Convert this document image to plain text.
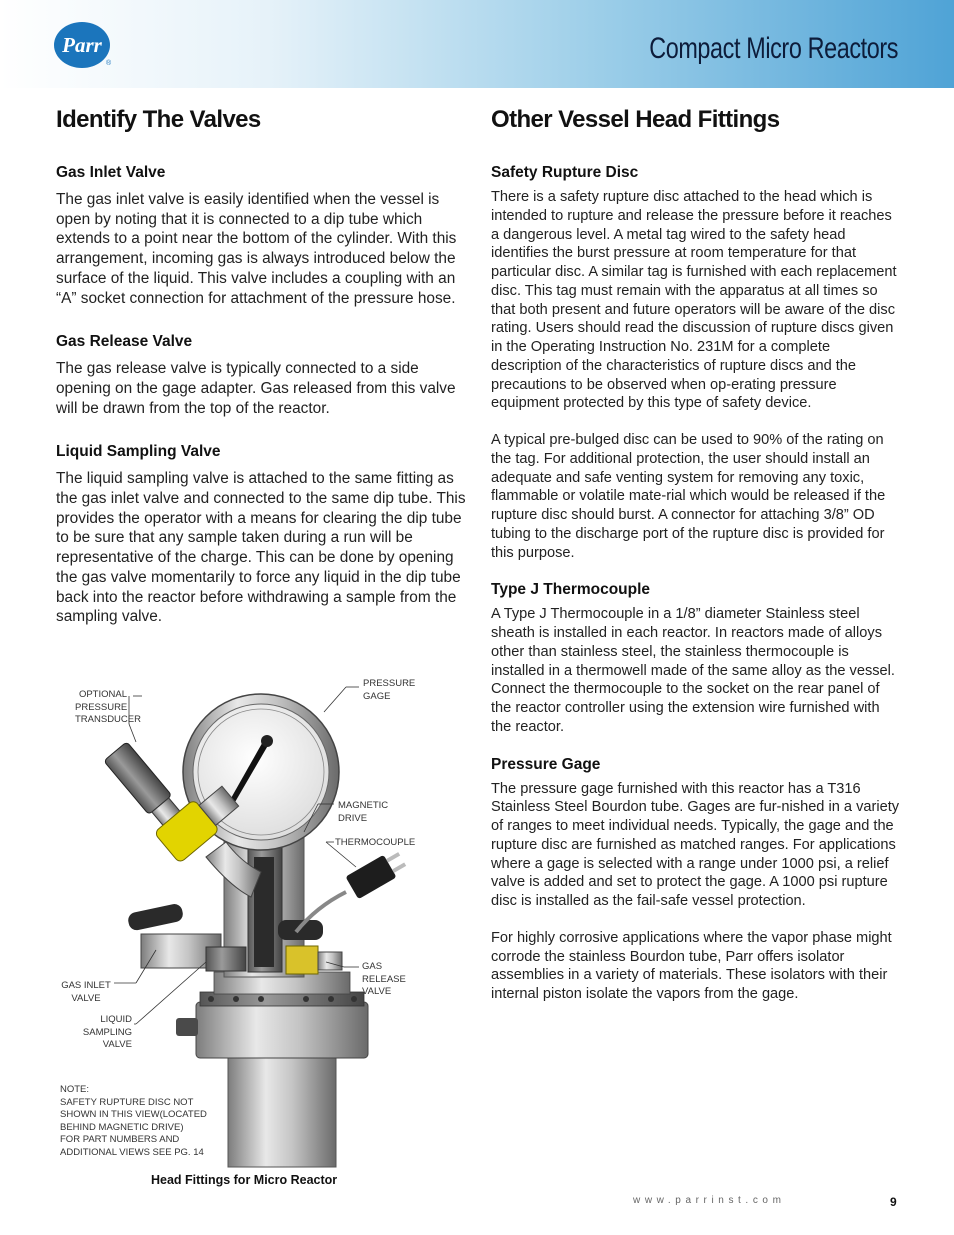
Parr
®	Compact Micro Reactors
Identify The Valves
Gas Inlet Valve

The gas inlet valve is easily identified when the vessel is open by noting that it is connected to a dip tube which extends to a point near the bottom of the cylinder. With this arrangement, incoming gas is always introduced below the surface of the liquid. This valve includes a coupling with an “A” socket connection for attachment of the pressure hose.

Gas Release Valve

The gas release valve is typically connected to a side opening on the gage adapter. Gas released from this valve will be drawn from the top of the reactor.

Liquid Sampling Valve

The liquid sampling valve is attached to the same fitting as the gas inlet valve and connected to the same dip tube. This provides the operator with a means for clearing the dip tube to be sure that any sample taken during a run will be representative of the charge. This can be done by opening the gas valve momentarily to force any liquid in the dip tube back into the reactor before withdrawing a sample from the sampling valve.

OPTIONAL
PRESSURE
TRANSDUCER
PRESSURE
GAGE
MAGNETIC
DRIVE
THERMOCOUPLE
GAS RELEASE
VALVE
GAS INLET
VALVE
LIQUID
SAMPLING
VALVE
NOTE:
SAFETY RUPTURE DISC NOT
SHOWN IN THIS VIEW(LOCATED
BEHIND MAGNETIC DRIVE)
FOR PART NUMBERS AND
ADDITIONAL VIEWS SEE PG. 14
Head Fittings for Micro Reactor
Other Vessel Head Fittings
Safety Rupture Disc

There is a safety rupture disc attached to the head which is intended to rupture and release the pressure before it reaches a dangerous level. A metal tag wired to the safety head identifies the burst pressure at room temperature for that particular disc. A similar tag is furnished with each replacement disc. This tag must remain with the apparatus at all times so that both present and future operators will be aware of the disc rating. Users should read the discussion of rupture discs given in the Operating Instruction No. 231M for a complete description of the characteristics of rupture discs and the precautions to be observed when op-erating pressure equipment protected by this type of safety device.

A typical pre-bulged disc can be used to 90% of the rating on the tag. For additional protection, the user should install an adequate and safe venting system for removing any toxic, flammable or volatile mate-rial which would be released if the rupture disc should burst. A connector for attaching 3/8” OD tubing to the discharge port of the rupture disc is provided for this purpose.

Type J Thermocouple

A Type J Thermocouple in a 1/8” diameter Stainless steel sheath is installed in each reactor. In reactors made of alloys other than stainless steel, the stainless thermocouple is installed in a thermowell made of the same alloy as the vessel. Connect the thermocouple to the socket on the rear panel of the reactor controller using the extension wire furnished with the reactor.

Pressure Gage

The pressure gage furnished with this reactor has a T316 Stainless Steel Bourdon tube. Gages are fur-nished in a variety of ranges to meet individual needs. Typically, the gage and the rupture disc are furnished as matched ranges. For applications where a gage is selected with a range under 1000 psi, a relief valve is added and set to protect the gage. A 1000 psi rupture disc is installed as the fail-safe vessel protection.

For highly corrosive applications where the vapor phase might corrode the stainless Bourdon tube, Parr offers isolator assemblies in a variety of materials. These isolators with their internal piston isolate the vapors from the gage.

www.parrinst.com	9
